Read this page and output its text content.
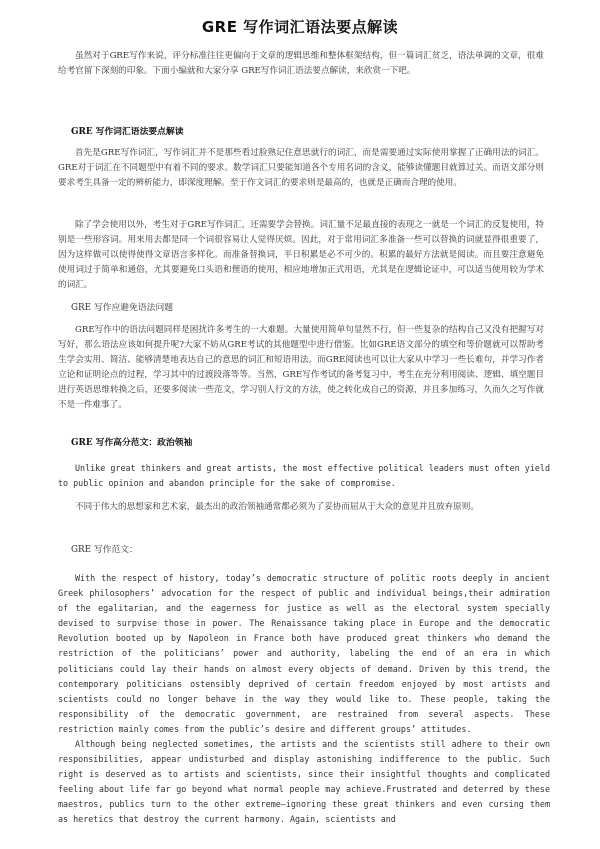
GRE 写作词汇语法要点解读

虽然对于GRE写作来说，评分标准往往更偏向于文章的逻辑思维和整体框架结构，但一篇词汇贫乏，语法单调的文章，很难给考官留下深刻的印象。下面小编就和大家分享 GRE写作词汇语法要点解读，来欣赏一下吧。

GRE 写作词汇语法要点解读

首先是GRE写作词汇，写作词汇并不是那些看过脸熟记住意思就行的词汇，而是需要通过实际使用掌握了正确用法的词汇。GRE对于词汇在不同题型中有着不同的要求。数学词汇只要能知道各个专用名词的含义，能够读懂题目就算过关。而语文部分则要求考生具备一定的辨析能力，即深度理解。至于作文词汇的要求则是最高的，也就是正确而合理的使用。

除了学会使用以外，考生对于GRE写作词汇，还需要学会替换。词汇量不足最直接的表现之一就是一个词汇的反复使用，特别是一些形容词。用来用去都是同一个词很容易让人觉得厌烦。因此，对于常用词汇多准备一些可以替换的词就显得很重要了，因为这样做可以使得使得文章语言多样化。而准备替换词，平日积累是必不可少的。积累的最好方法就是阅读。而且要注意避免使用词过于简单和通俗，尤其要避免口头语和俚语的使用，相应地增加正式用语，尤其是在逻辑论证中，可以适当使用较为学术的词汇。

GRE 写作应避免语法问题

GRE写作中的语法问题同样是困扰许多考生的一大难题。大量使用简单句显然不行，但一些复杂的结构自己又没有把握写对写好，那么语法应该如何提升呢?大家不妨从GRE考试的其他题型中进行借鉴。比如GRE语文部分的填空和等价题就可以帮助考生学会实用、简洁、能够清楚地表达自己的意思的词汇和短语用法。而GRE阅读也可以让大家从中学习一些长难句，并学习作者立论和证明论点的过程，学习其中的过渡段落等等。当然，GRE写作考试的备考复习中，考生在充分利用阅读、逻辑、填空题目进行英语思维转换之后，还要多阅读一些范文，学习别人行文的方法，使之转化成自己的资源，并且多加练习，久而久之写作就不是一件难事了。

GRE 写作高分范文：政治领袖

Unlike great thinkers and great artists, the most effective political leaders must often yield to public opinion and abandon principle for the sake of compromise.

不同于伟大的思想家和艺术家，最杰出的政治领袖通常都必须为了妥协而屈从于大众的意见并且放弃原则。

GRE 写作范文：

With the respect of history, today’s democratic structure of politic roots deeply in ancient Greek philosophers’ advocation for the respect of public and individual beings,their admiration of the egalitarian, and the eagerness for justice as well as the electoral system specially devised to surpvise those in power. The Renaissance taking place in Europe and the democratic Revolution booted up by Napoleon in France both have produced great thinkers who demand the restriction of the politicians’ power and authority, labeling the end of an era in which politicians could lay their hands on almost every objects of demand. Driven by this trend, the contemporary politicians ostensibly deprived of certain freedom enjoyed by most artists and scientists could no longer behave in the way they would like to. These people, taking the responsibility of the democratic government, are restrained from several aspects. These restriction mainly comes from the public’s desire and different groups’ attitudes.

Although being neglected sometimes, the artists and the scientists still adhere to their own responsibilities, appear undisturbed and display astonishing indifference to the public. Such right is deserved as to artists and scientists, since their insightful thoughts and complicated feeling about life far go beyond what normal people may achieve.Frustrated and deterred by these maestros, publics turn to the other extreme—ignoring these great thinkers and even cursing them as heretics that destroy the current harmony. Again, scientists and
